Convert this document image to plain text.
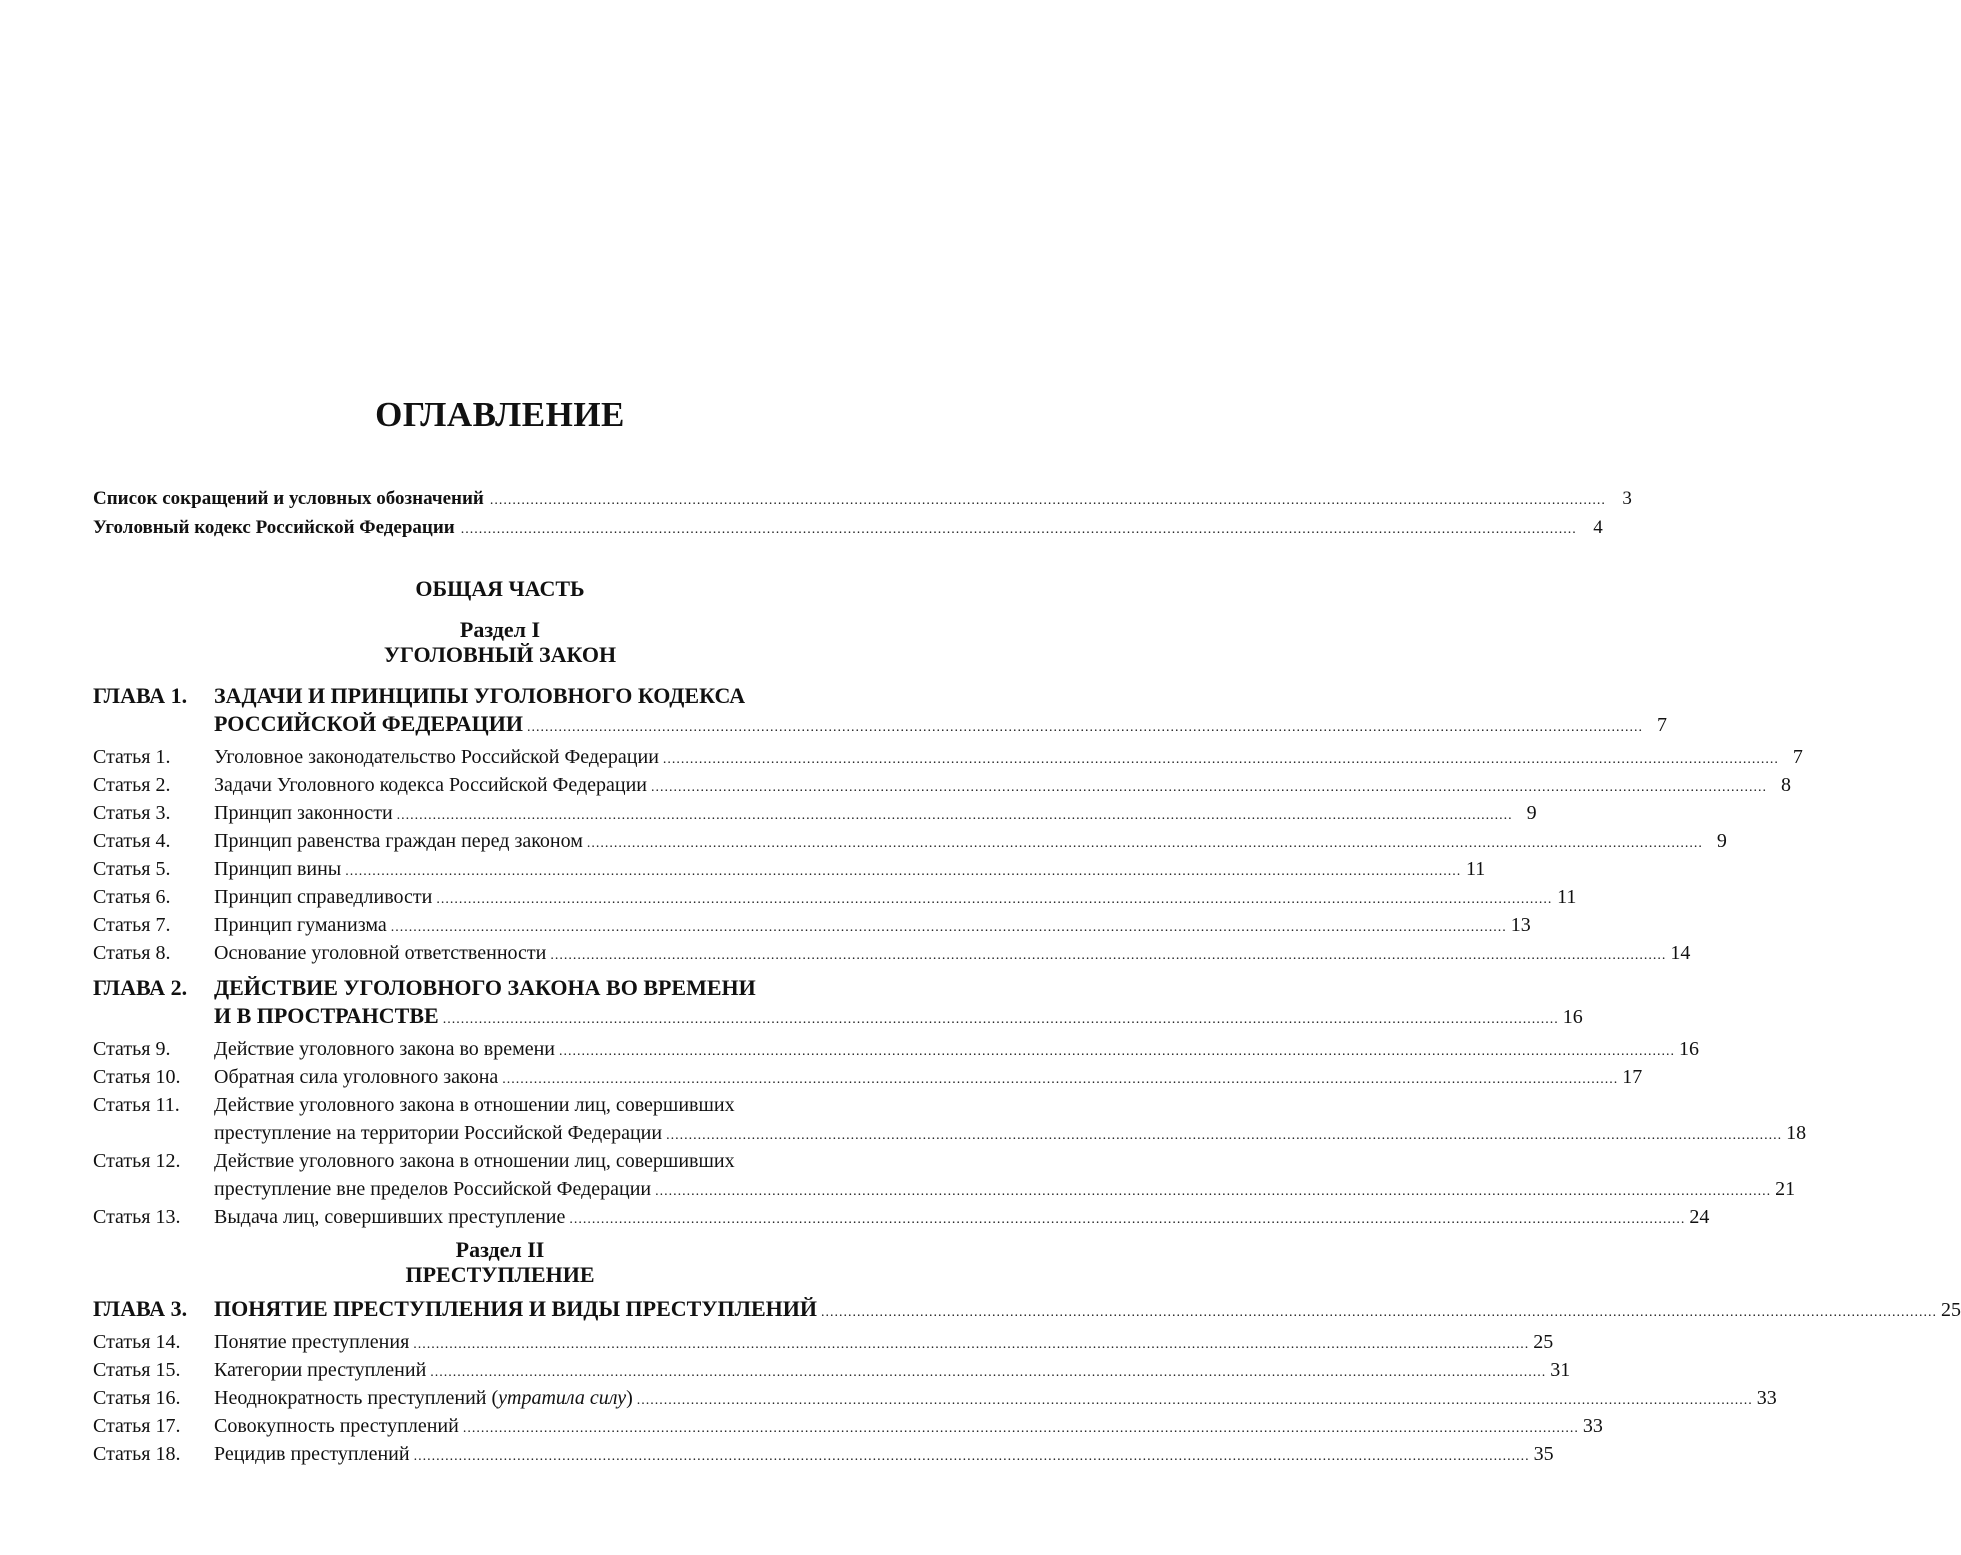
ОГЛАВЛЕНИЕ
Список сокращений и условных обозначений .....	3
Уголовный кодекс Российской Федерации .....	4
ОБЩАЯ ЧАСТЬ
Раздел I
УГОЛОВНЫЙ ЗАКОН
ГЛАВА 1.	ЗАДАЧИ И ПРИНЦИПЫ УГОЛОВНОГО КОДЕКСА
РОССИЙСКОЙ ФЕДЕРАЦИИ .....	7
Статья 1.	Уголовное законодательство Российской Федерации .....	7
Статья 2.	Задачи Уголовного кодекса Российской Федерации .....	8
Статья 3.	Принцип законности .....	9
Статья 4.	Принцип равенства граждан перед законом .....	9
Статья 5.	Принцип вины .....	11
Статья 6.	Принцип справедливости .....	11
Статья 7.	Принцип гуманизма .....	13
Статья 8.	Основание уголовной ответственности .....	14
ГЛАВА 2.	ДЕЙСТВИЕ УГОЛОВНОГО ЗАКОНА ВО ВРЕМЕНИ
И В ПРОСТРАНСТВЕ .....	16
Статья 9.	Действие уголовного закона во времени .....	16
Статья 10.	Обратная сила уголовного закона .....	17
Статья 11.	Действие уголовного закона в отношении лиц, совершивших
преступление на территории Российской Федерации .....	18
Статья 12.	Действие уголовного закона в отношении лиц, совершивших
преступление вне пределов Российской Федерации .....	21
Статья 13.	Выдача лиц, совершивших преступление .....	24
Раздел II
ПРЕСТУПЛЕНИЕ
ГЛАВА 3.	ПОНЯТИЕ ПРЕСТУПЛЕНИЯ И ВИДЫ ПРЕСТУПЛЕНИЙ .....	25
Статья 14.	Понятие преступления .....	25
Статья 15.	Категории преступлений .....	31
Статья 16.	Неоднократность преступлений (утратила силу) .....	33
Статья 17.	Совокупность преступлений .....	33
Статья 18.	Рецидив преступлений .....	35
